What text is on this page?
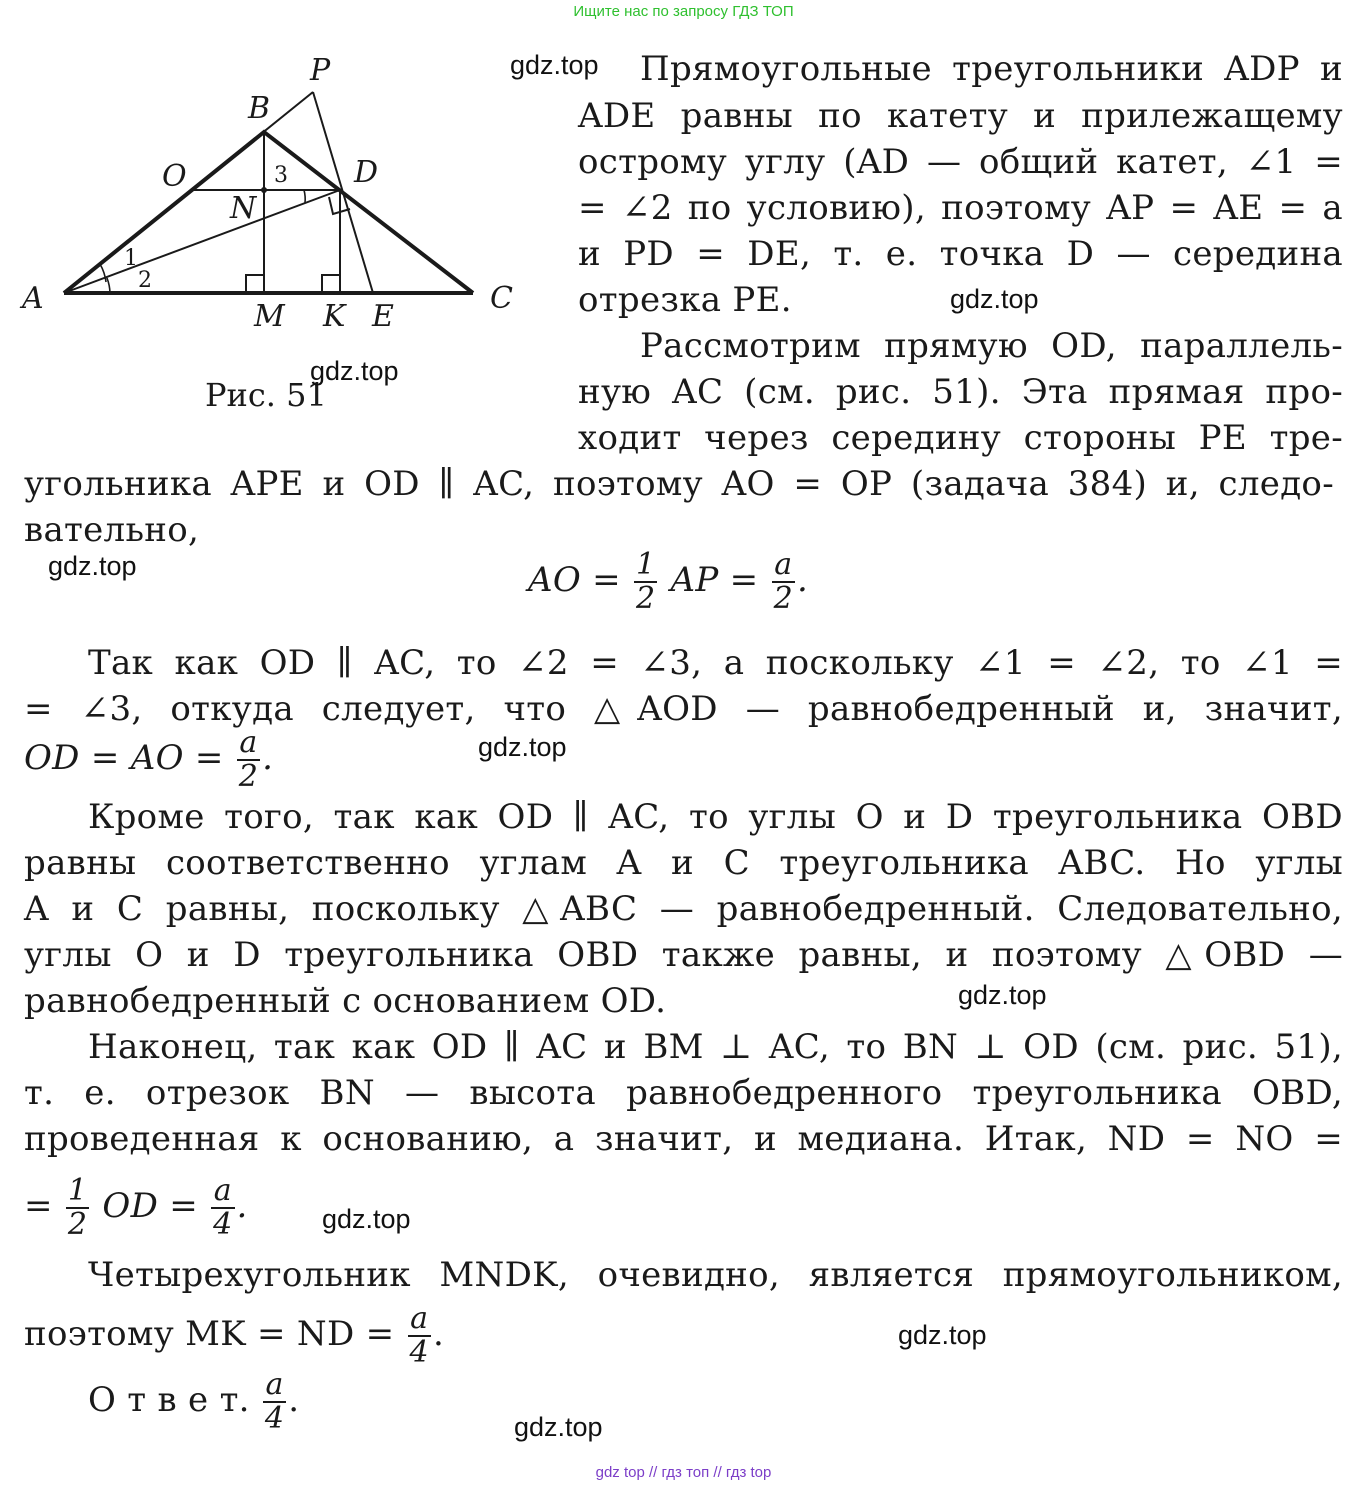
Ищите нас по запросу ГДЗ ТОП
A
B
C
D
E
K
M
N
O
P
1
2
3
Рис. 51
Прямоугольные треугольники ADP и
ADE равны по катету и прилежащему
острому углу (AD — общий катет, ∠1 =
= ∠2 по условию), поэтому AP = AE = a
и PD = DE, т. е. точка D — середина
отрезка PE.
Рассмотрим прямую OD, параллель-
ную AC (см. рис. 51). Эта прямая про-
ходит через середину стороны PE тре-
угольника APE и OD ∥ AC, поэтому AO = OP (задача 384) и, следо-
вательно,
AO = $\frac{1}{2}$ AP = $\frac{a}{2}$ .
Так как OD ∥ AC, то ∠2 = ∠3, а поскольку ∠1 = ∠2, то ∠1 =
= ∠3, откуда следует, что △AOD — равнобедренный и, значит,
OD = AO = $\frac{a}{2}$ .
Кроме того, так как OD ∥ AC, то углы O и D треугольника OBD
равны соответственно углам A и C треугольника ABC. Но углы
A и C равны, поскольку △ABC — равнобедренный. Следовательно,
углы O и D треугольника OBD также равны, и поэтому △OBD —
равнобедренный с основанием OD.
Наконец, так как OD ∥ AC и BM ⊥ AC, то BN ⊥ OD (см. рис. 51),
т. е. отрезок BN — высота равнобедренного треугольника OBD,
проведенная к основанию, а значит, и медиана. Итак, ND = NO =
= $\frac{1}{2}$ OD = $\frac{a}{4}$ .
Четырехугольник MNDK, очевидно, является прямоугольником,
поэтому MK = ND = $\frac{a}{4}$ .
О т в е т. $\frac{a}{4}$ .
gdz.top
gdz.top
gdz.top
gdz.top
gdz.top
gdz.top
gdz.top
gdz.top
gdz.top
gdz top // гдз топ // гдз top
